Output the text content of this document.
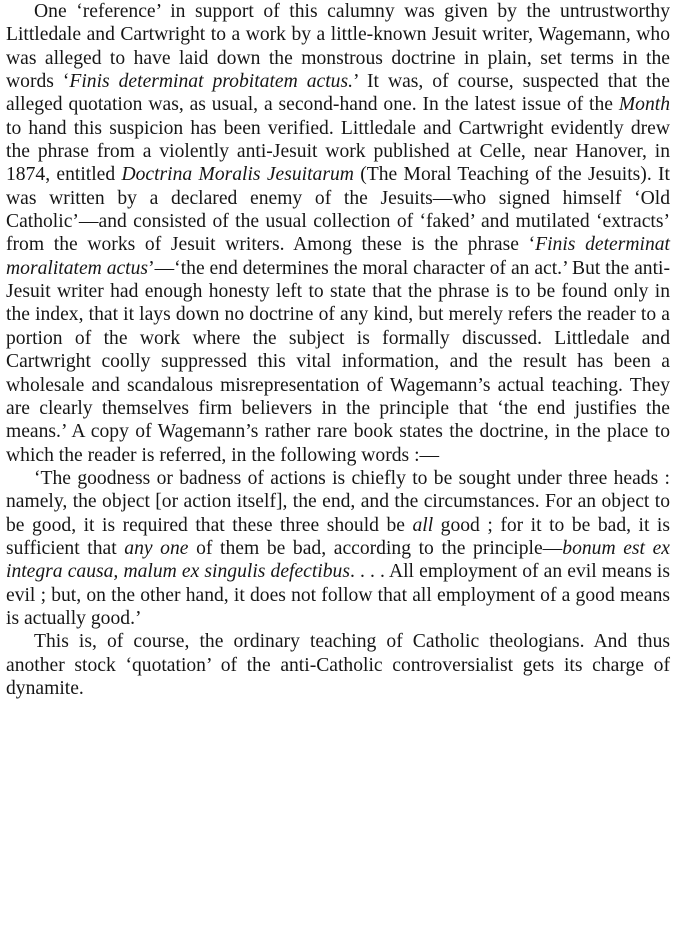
One ‘reference’ in support of this calumny was given by the untrustworthy Littledale and Cartwright to a work by a little-known Jesuit writer, Wagemann, who was alleged to have laid down the monstrous doctrine in plain, set terms in the words ‘Finis determinat probitatem actus.’ It was, of course, suspected that the alleged quotation was, as usual, a second-hand one. In the latest issue of the Month to hand this suspicion has been verified. Littledale and Cartwright evidently drew the phrase from a violently anti-Jesuit work published at Celle, near Hanover, in 1874, entitled Doctrina Moralis Jesuitarum (The Moral Teaching of the Jesuits). It was written by a declared enemy of the Jesuits—who signed himself ‘Old Catholic’—and consisted of the usual collection of ‘faked’ and mutilated ‘extracts’ from the works of Jesuit writers. Among these is the phrase ‘Finis determinat moralitatem actus’—‘the end determines the moral character of an act.’ But the anti-Jesuit writer had enough honesty left to state that the phrase is to be found only in the index, that it lays down no doctrine of any kind, but merely refers the reader to a portion of the work where the subject is formally discussed. Littledale and Cartwright coolly suppressed this vital information, and the result has been a wholesale and scandalous misrepresentation of Wagemann’s actual teaching. They are clearly themselves firm believers in the principle that ‘the end justifies the means.’ A copy of Wagemann’s rather rare book states the doctrine, in the place to which the reader is referred, in the following words :—

‘The goodness or badness of actions is chiefly to be sought under three heads : namely, the object [or action itself], the end, and the circumstances. For an object to be good, it is required that these three should be all good ; for it to be bad, it is sufficient that any one of them be bad, according to the principle—bonum est ex integra causa, malum ex singulis defectibus. . . . All employment of an evil means is evil ; but, on the other hand, it does not follow that all employment of a good means is actually good.’

This is, of course, the ordinary teaching of Catholic theologians. And thus another stock ‘quotation’ of the anti-Catholic controversialist gets its charge of dynamite.
